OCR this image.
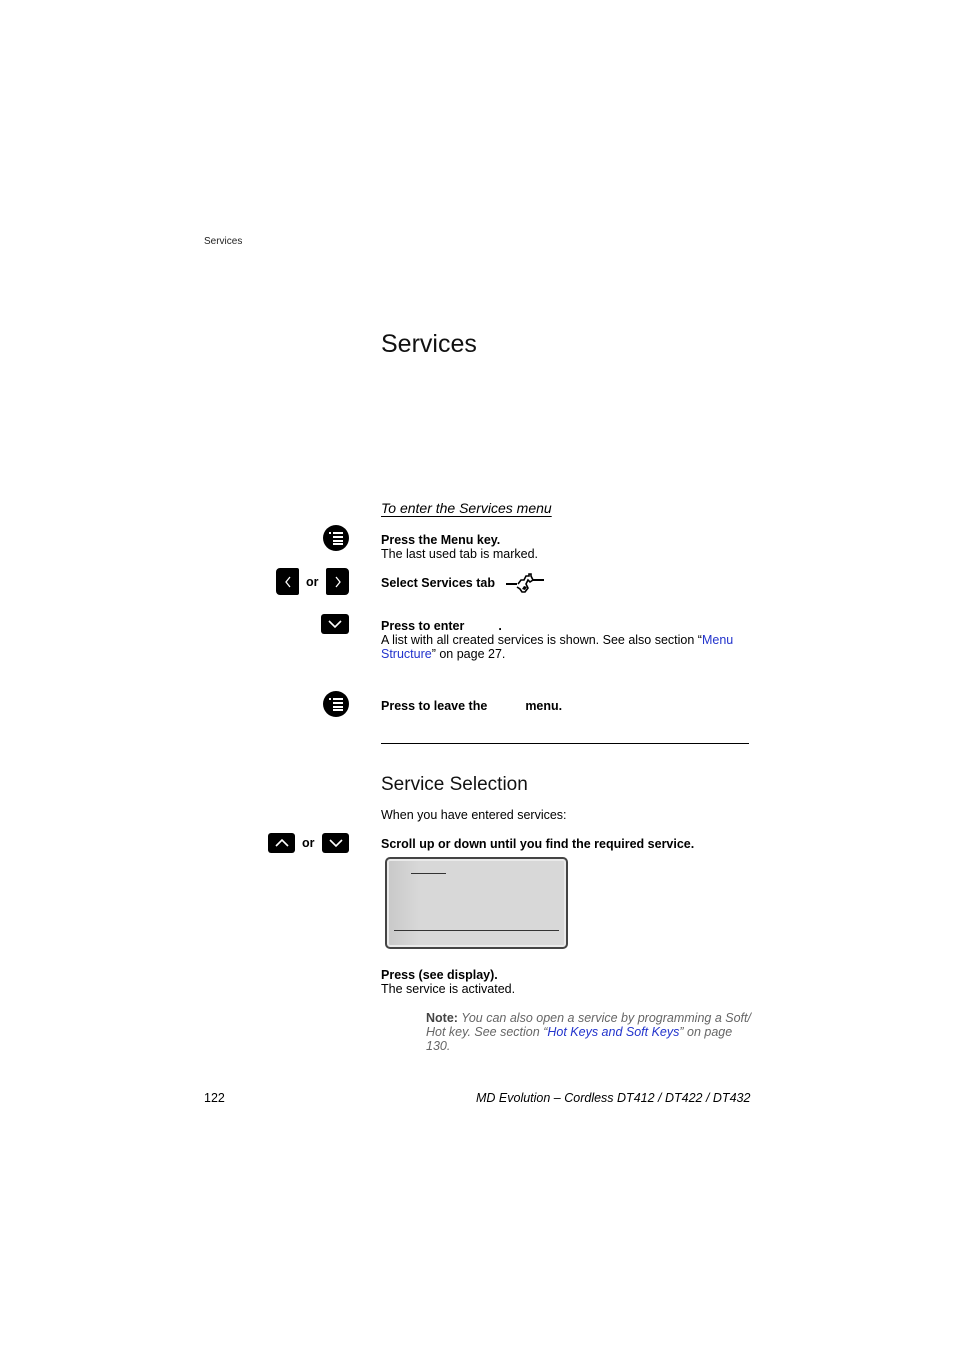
Services
Services
To enter the Services menu
Press the Menu key.
The last used tab is marked.
or	Select Services tab
Press to enter	.
A list with all created services is shown. See also section “Menu Structure” on page 27.
Press to leave the	menu.
Service Selection
When you have entered services:
or	Scroll up or down until you find the required service.
Press (see display).
The service is activated.
Note: You can also open a service by programming a Soft/ Hot key. See section “Hot Keys and Soft Keys” on page 130.
122	MD Evolution – Cordless DT412 / DT422 / DT432
